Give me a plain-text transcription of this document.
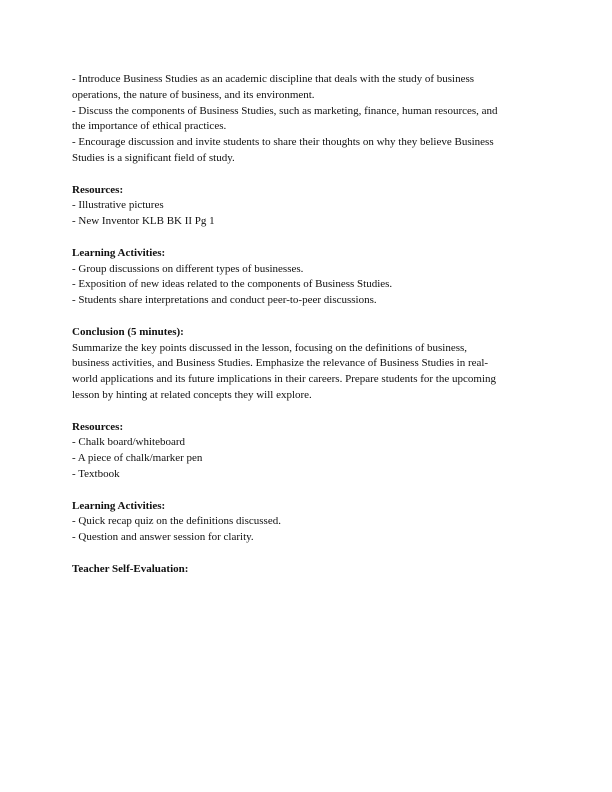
- Introduce Business Studies as an academic discipline that deals with the study of business
operations, the nature of business, and its environment.
- Discuss the components of Business Studies, such as marketing, finance, human resources, and
the importance of ethical practices.
- Encourage discussion and invite students to share their thoughts on why they believe Business
Studies is a significant field of study.
Resources:
- Illustrative pictures
- New Inventor KLB BK II Pg 1
Learning Activities:
- Group discussions on different types of businesses.
- Exposition of new ideas related to the components of Business Studies.
- Students share interpretations and conduct peer-to-peer discussions.
Conclusion (5 minutes):
Summarize the key points discussed in the lesson, focusing on the definitions of business,
business activities, and Business Studies. Emphasize the relevance of Business Studies in real-
world applications and its future implications in their careers. Prepare students for the upcoming
lesson by hinting at related concepts they will explore.
Resources:
- Chalk board/whiteboard
- A piece of chalk/marker pen
- Textbook
Learning Activities:
- Quick recap quiz on the definitions discussed.
- Question and answer session for clarity.
Teacher Self-Evaluation:
